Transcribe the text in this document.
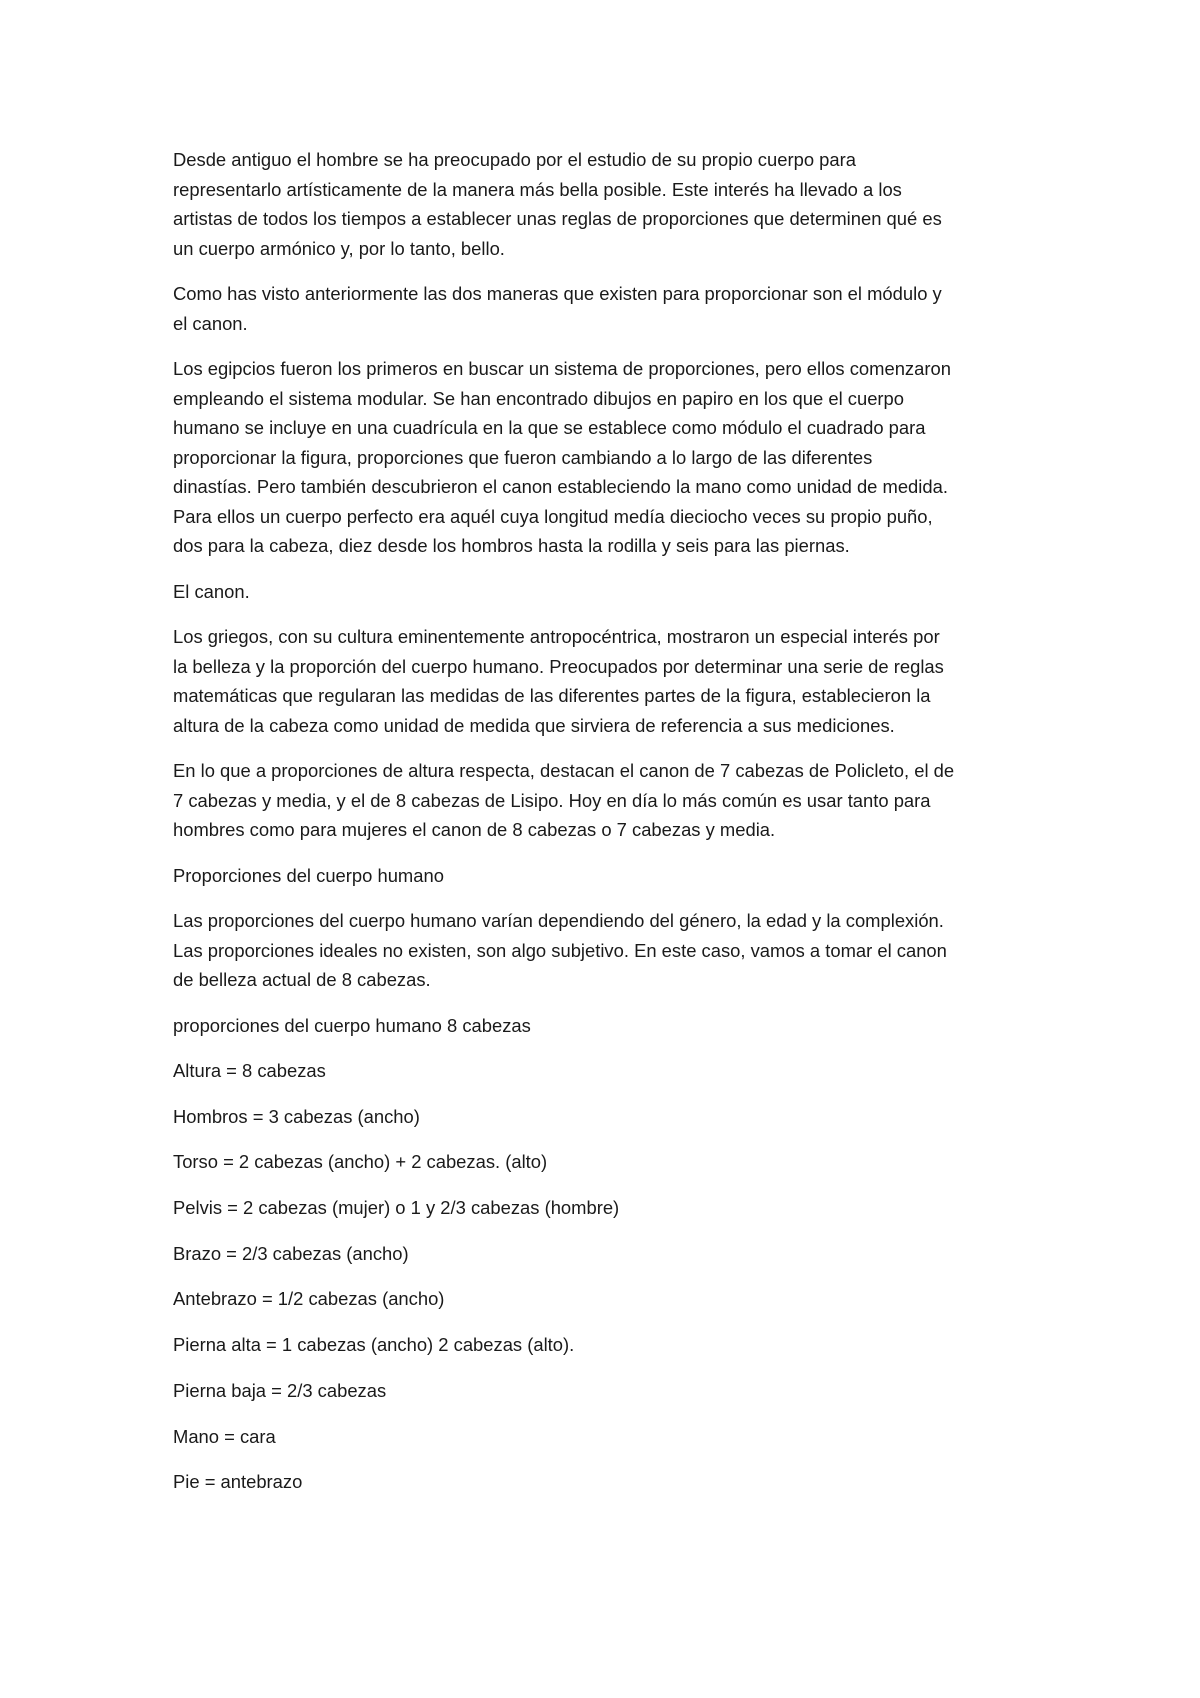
Desde antiguo el hombre se ha preocupado por el estudio de su propio cuerpo para
representarlo artísticamente de la manera más bella posible. Este interés ha llevado a los
artistas de todos los tiempos a establecer unas reglas de proporciones que determinen qué es
un cuerpo armónico y, por lo tanto, bello.

Como has visto anteriormente las dos maneras que existen para proporcionar son el módulo y
el canon.

Los egipcios fueron los primeros en buscar un sistema de proporciones, pero ellos comenzaron
empleando el sistema modular. Se han encontrado dibujos en papiro en los que el cuerpo
humano se incluye en una cuadrícula en la que se establece como módulo el cuadrado para
proporcionar la figura, proporciones que fueron cambiando a lo largo de las diferentes
dinastías. Pero también descubrieron el canon estableciendo la mano como unidad de medida.
Para ellos un cuerpo perfecto era aquél cuya longitud medía dieciocho veces su propio puño,
dos para la cabeza, diez desde los hombros hasta la rodilla y seis para las piernas.

El canon.

Los griegos, con su cultura eminentemente antropocéntrica, mostraron un especial interés por
la belleza y la proporción del cuerpo humano. Preocupados por determinar una serie de reglas
matemáticas que regularan las medidas de las diferentes partes de la figura, establecieron la
altura de la cabeza como unidad de medida que sirviera de referencia a sus mediciones.

En lo que a proporciones de altura respecta, destacan el canon de 7 cabezas de Policleto, el de
7 cabezas y media, y el de 8 cabezas de Lisipo. Hoy en día lo más común es usar tanto para
hombres como para mujeres el canon de 8 cabezas o 7 cabezas y media.

Proporciones del cuerpo humano

Las proporciones del cuerpo humano varían dependiendo del género, la edad y la complexión.
Las proporciones ideales no existen, son algo subjetivo. En este caso, vamos a tomar el canon
de belleza actual de 8 cabezas.

proporciones del cuerpo humano 8 cabezas

Altura = 8 cabezas

Hombros = 3 cabezas (ancho)

Torso = 2 cabezas (ancho) + 2 cabezas. (alto)

Pelvis = 2 cabezas (mujer) o 1 y 2/3 cabezas (hombre)

Brazo = 2/3 cabezas (ancho)

Antebrazo = 1/2 cabezas (ancho)

Pierna alta = 1 cabezas (ancho) 2 cabezas (alto).

Pierna baja = 2/3 cabezas

Mano = cara

Pie = antebrazo
